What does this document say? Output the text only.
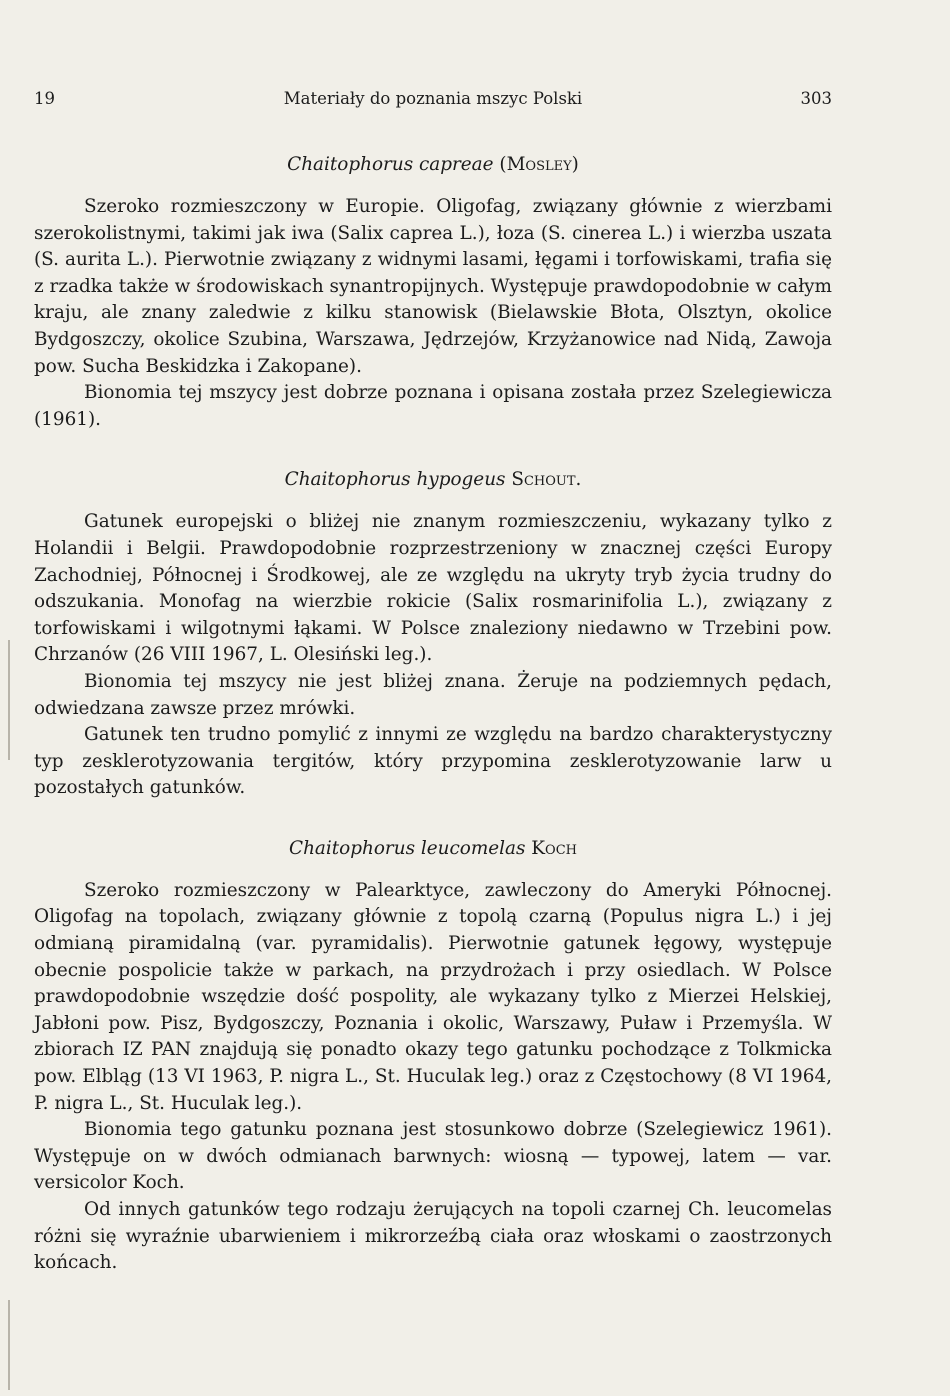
Materiały do poznania mszyc Polski
19	303
Chaitophorus capreae (Mosley)

Szeroko rozmieszczony w Europie. Oligofag, związany głównie z wierzbami szerokolistnymi, takimi jak iwa (Salix caprea L.), łoza (S. cinerea L.) i wierzba uszata (S. aurita L.). Pierwotnie związany z widnymi lasami, łęgami i torfowiskami, trafia się z rzadka także w środowiskach synantropijnych. Występuje prawdopodobnie w całym kraju, ale znany zaledwie z kilku stanowisk (Bielawskie Błota, Olsztyn, okolice Bydgoszczy, okolice Szubina, Warszawa, Jędrzejów, Krzyżanowice nad Nidą, Zawoja pow. Sucha Beskidzka i Zakopane).

Bionomia tej mszycy jest dobrze poznana i opisana została przez Szelegiewicza (1961).

Chaitophorus hypogeus Schout.

Gatunek europejski o bliżej nie znanym rozmieszczeniu, wykazany tylko z Holandii i Belgii. Prawdopodobnie rozprzestrzeniony w znacznej części Europy Zachodniej, Północnej i Środkowej, ale ze względu na ukryty tryb życia trudny do odszukania. Monofag na wierzbie rokicie (Salix rosmarinifolia L.), związany z torfowiskami i wilgotnymi łąkami. W Polsce znaleziony niedawno w Trzebini pow. Chrzanów (26 VIII 1967, L. Olesiński leg.).

Bionomia tej mszycy nie jest bliżej znana. Żeruje na podziemnych pędach, odwiedzana zawsze przez mrówki.

Gatunek ten trudno pomylić z innymi ze względu na bardzo charakterystyczny typ zesklerotyzowania tergitów, który przypomina zesklerotyzowanie larw u pozostałych gatunków.

Chaitophorus leucomelas Koch

Szeroko rozmieszczony w Palearktyce, zawleczony do Ameryki Północnej. Oligofag na topolach, związany głównie z topolą czarną (Populus nigra L.) i jej odmianą piramidalną (var. pyramidalis). Pierwotnie gatunek łęgowy, występuje obecnie pospolicie także w parkach, na przydrożach i przy osiedlach. W Polsce prawdopodobnie wszędzie dość pospolity, ale wykazany tylko z Mierzei Helskiej, Jabłoni pow. Pisz, Bydgoszczy, Poznania i okolic, Warszawy, Puław i Przemyśla. W zbiorach IZ PAN znajdują się ponadto okazy tego gatunku pochodzące z Tolkmicka pow. Elbląg (13 VI 1963, P. nigra L., St. Huculak leg.) oraz z Częstochowy (8 VI 1964, P. nigra L., St. Huculak leg.).

Bionomia tego gatunku poznana jest stosunkowo dobrze (Szelegiewicz 1961). Występuje on w dwóch odmianach barwnych: wiosną — typowej, latem — var. versicolor Koch.

Od innych gatunków tego rodzaju żerujących na topoli czarnej Ch. leucomelas różni się wyraźnie ubarwieniem i mikrorzeźbą ciała oraz włoskami o zaostrzonych końcach.
